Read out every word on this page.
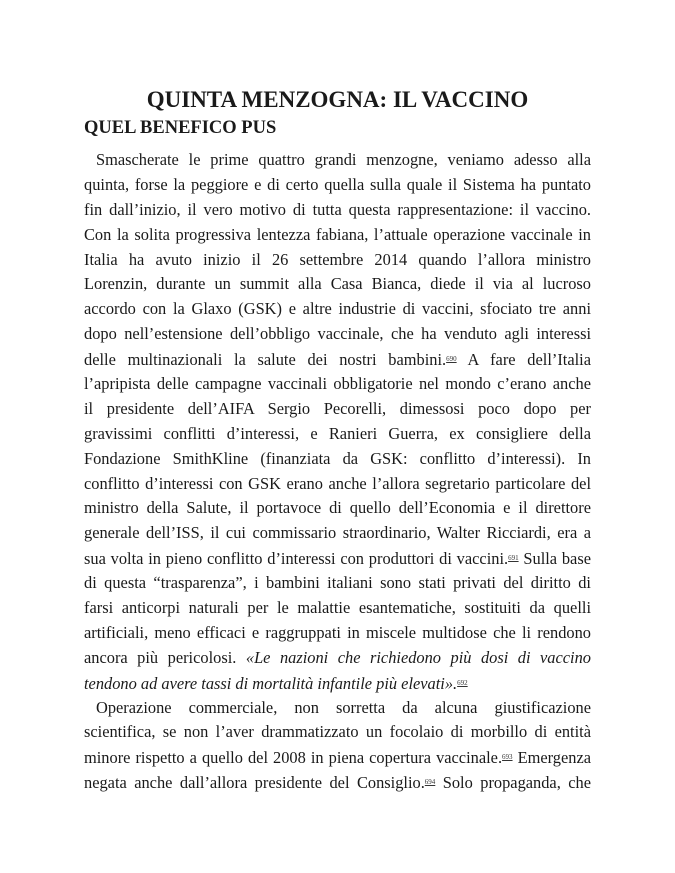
QUINTA MENZOGNA: IL VACCINO
QUEL BENEFICO PUS
Smascherate le prime quattro grandi menzogne, veniamo adesso alla
quinta, forse la peggiore e di certo quella sulla quale il Sistema ha puntato
fin dall’inizio, il vero motivo di tutta questa rappresentazione: il vaccino.
Con la solita progressiva lentezza fabiana, l’attuale operazione vaccinale in
Italia ha avuto inizio il 26 settembre 2014 quando l’allora ministro
Lorenzin, durante un summit alla Casa Bianca, diede il via al lucroso
accordo con la Glaxo (GSK) e altre industrie di vaccini, sfociato tre anni
dopo nell’estensione dell’obbligo vaccinale, che ha venduto agli interessi
delle multinazionali la salute dei nostri bambini.$^{690}$ A fare dell’Italia
l’apripista delle campagne vaccinali obbligatorie nel mondo c’erano anche
il presidente dell’AIFA Sergio Pecorelli, dimessosi poco dopo per
gravissimi conflitti d’interessi, e Ranieri Guerra, ex consigliere della
Fondazione SmithKline (finanziata da GSK: conflitto d’interessi). In
conflitto d’interessi con GSK erano anche l’allora segretario particolare del
ministro della Salute, il portavoce di quello dell’Economia e il direttore
generale dell’ISS, il cui commissario straordinario, Walter Ricciardi, era a
sua volta in pieno conflitto d’interessi con produttori di vaccini.$^{691}$ Sulla base
di questa “trasparenza”, i bambini italiani sono stati privati del diritto di
farsi anticorpi naturali per le malattie esantematiche, sostituiti da quelli
artificiali, meno efficaci e raggruppati in miscele multidose che li rendono
ancora più pericolosi. «Le nazioni che richiedono più dosi di vaccino
tendono ad avere tassi di mortalità infantile più elevati».$^{692}$
Operazione commerciale, non sorretta da alcuna giustificazione
scientifica, se non l’aver drammatizzato un focolaio di morbillo di entità
minore rispetto a quello del 2008 in piena copertura vaccinale.$^{693}$ Emergenza
negata anche dall’allora presidente del Consiglio.$^{694}$ Solo propaganda, che
